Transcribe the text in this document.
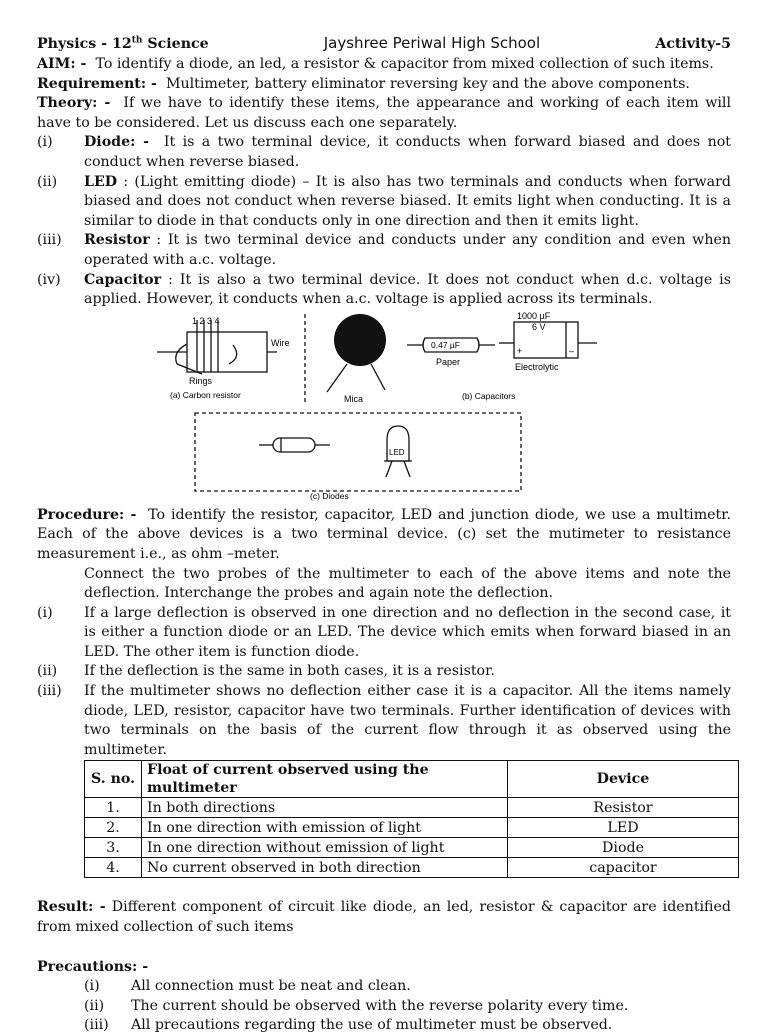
Physics - 12th Science	Jayshree Periwal High School	Activity-5

AIM: - To identify a diode, an led, a resistor & capacitor from mixed collection of such items.

Requirement: - Multimeter, battery eliminator reversing key and the above components.

Theory: - If we have to identify these items, the appearance and working of each item will have to be considered. Let us discuss each one separately.

(i) Diode: - It is a two terminal device, it conducts when forward biased and does not conduct when reverse biased.
(ii) LED : (Light emitting diode) – It is also has two terminals and conducts when forward biased and does not conduct when reverse biased. It emits light when conducting. It is a similar to diode in that conducts only in one direction and then it emits light.
(iii) Resistor : It is two terminal device and conducts under any condition and even when operated with a.c. voltage.
(iv) Capacitor : It is also a two terminal device. It does not conduct when d.c. voltage is applied. However, it conducts when a.c. voltage is applied across its terminals.
1 2 3 4
Wire
Rings
(a) Carbon resistor	Mica
0.47 µF
Paper
1000 µF
6 V
+	–
Electrolytic
(b) Capacitors
LED
(c) Diodes

Procedure: - To identify the resistor, capacitor, LED and junction diode, we use a multimetr. Each of the above devices is a two terminal device. (c) set the mutimeter to resistance measurement i.e., as ohm –meter.

Connect the two probes of the multimeter to each of the above items and note the deflection. Interchange the probes and again note the deflection.
(i) If a large deflection is observed in one direction and no deflection in the second case, it is either a function diode or an LED. The device which emits when forward biased in an LED. The other item is function diode.
(ii) If the deflection is the same in both cases, it is a resistor.
(iii) If the multimeter shows no deflection either case it is a capacitor. All the items namely diode, LED, resistor, capacitor have two terminals. Further identification of devices with two terminals on the basis of the current flow through it as observed using the multimeter.
S. no.	Float of current observed using the multimeter	Device
1.	In both directions	Resistor
2.	In one direction with emission of light	LED
3.	In one direction without emission of light	Diode
4.	No current observed in both direction	capacitor

Result: - Different component of circuit like diode, an led, resistor & capacitor are identified from mixed collection of such items

Precautions: -

(i) All connection must be neat and clean.
(ii) The current should be observed with the reverse polarity every time.
(iii) All precautions regarding the use of multimeter must be observed.
